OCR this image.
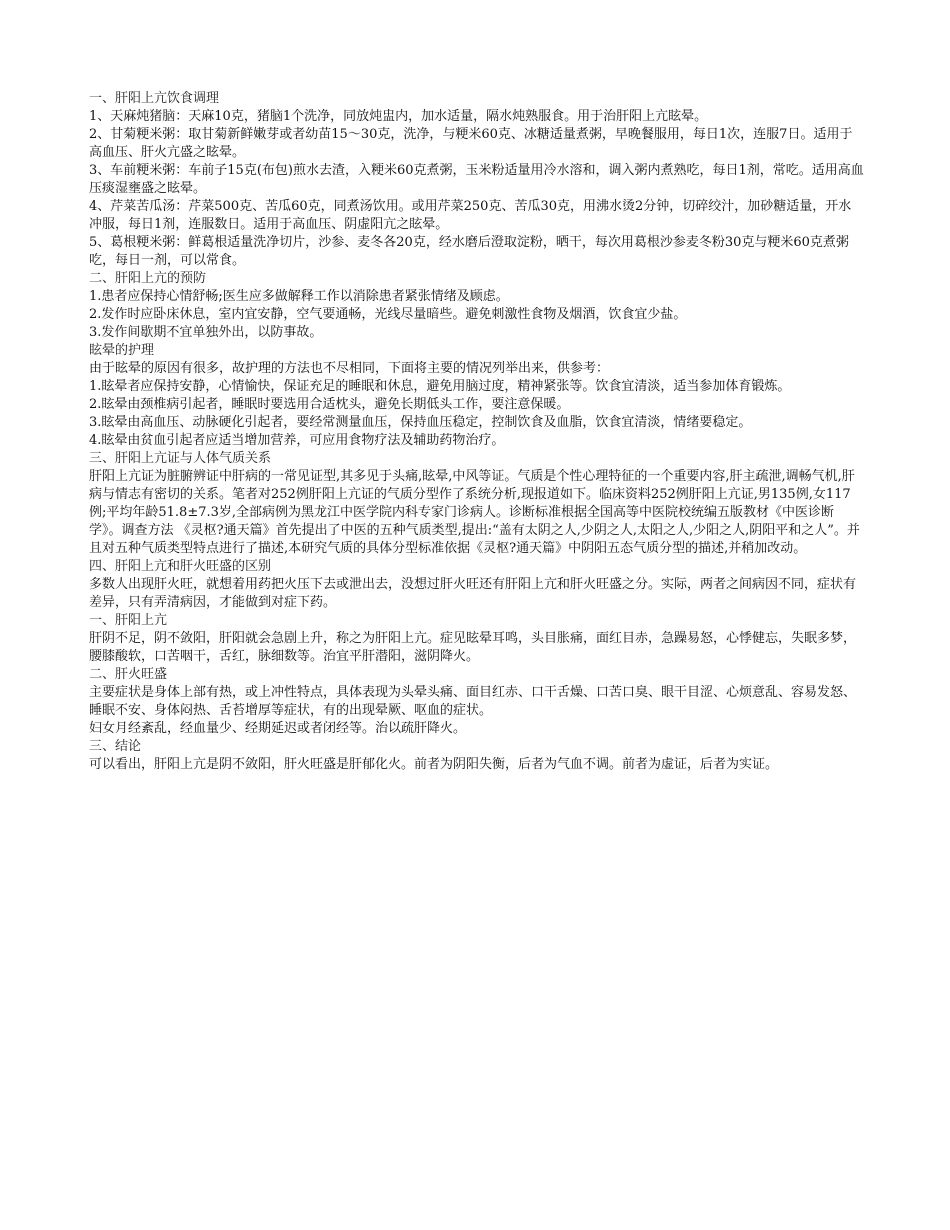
一、肝阳上亢饮食调理

1、天麻炖猪脑：天麻10克，猪脑1个洗净，同放炖盅内，加水适量，隔水炖熟服食。用于治肝阳上亢眩晕。

2、甘菊粳米粥：取甘菊新鲜嫩芽或者幼苗15～30克，洗净，与粳米60克、冰糖适量煮粥，早晚餐服用，每日1次，连服7日。适用于高血压、肝火亢盛之眩晕。

3、车前粳米粥：车前子15克(布包)煎水去渣，入粳米60克煮粥，玉米粉适量用冷水溶和，调入粥内煮熟吃，每日1剂，常吃。适用高血压痰湿壅盛之眩晕。

4、芹菜苦瓜汤：芹菜500克、苦瓜60克，同煮汤饮用。或用芹菜250克、苦瓜30克，用沸水烫2分钟，切碎绞汁，加砂糖适量，开水冲服，每日1剂，连服数日。适用于高血压、阴虚阳亢之眩晕。

5、葛根粳米粥：鲜葛根适量洗净切片，沙参、麦冬各20克，经水磨后澄取淀粉，晒干，每次用葛根沙参麦冬粉30克与粳米60克煮粥吃，每日一剂，可以常食。

二、肝阳上亢的预防

1.患者应保持心情舒畅;医生应多做解释工作以消除患者紧张情绪及顾虑。

2.发作时应卧床休息，室内宜安静，空气要通畅，光线尽量暗些。避免刺激性食物及烟酒，饮食宜少盐。

3.发作间歇期不宜单独外出，以防事故。

眩晕的护理

由于眩晕的原因有很多，故护理的方法也不尽相同，下面将主要的情况列举出来，供参考：

1.眩晕者应保持安静，心情愉快，保证充足的睡眠和休息，避免用脑过度，精神紧张等。饮食宜清淡，适当参加体育锻炼。

2.眩晕由颈椎病引起者，睡眠时要选用合适枕头，避免长期低头工作，要注意保暖。

3.眩晕由高血压、动脉硬化引起者，要经常测量血压，保持血压稳定，控制饮食及血脂，饮食宜清淡，情绪要稳定。

4.眩晕由贫血引起者应适当增加营养，可应用食物疗法及辅助药物治疗。

三、肝阳上亢证与人体气质关系

肝阳上亢证为脏腑辨证中肝病的一常见证型,其多见于头痛,眩晕,中风等证。气质是个性心理特征的一个重要内容,肝主疏泄,调畅气机,肝病与情志有密切的关系。笔者对252例肝阳上亢证的气质分型作了系统分析,现报道如下。临床资料252例肝阳上亢证,男135例,女117例;平均年龄51.8±7.3岁,全部病例为黑龙江中医学院内科专家门诊病人。诊断标准根据全国高等中医院校统编五版教材《中医诊断学》。调查方法 《灵枢?通天篇》首先提出了中医的五种气质类型,提出:“盖有太阴之人,少阴之人,太阳之人,少阳之人,阴阳平和之人”。并且对五种气质类型特点进行了描述,本研究气质的具体分型标准依据《灵枢?通天篇》中阴阳五态气质分型的描述,并稍加改动。

四、肝阳上亢和肝火旺盛的区别

多数人出现肝火旺，就想着用药把火压下去或泄出去，没想过肝火旺还有肝阳上亢和肝火旺盛之分。实际，两者之间病因不同，症状有差异，只有弄清病因，才能做到对症下药。

一、肝阳上亢

肝阴不足，阴不敛阳，肝阳就会急剧上升，称之为肝阳上亢。症见眩晕耳鸣，头目胀痛，面红目赤，急躁易怒，心悸健忘，失眠多梦，腰膝酸软，口苦咽干，舌红，脉细数等。治宜平肝潜阳，滋阴降火。

二、肝火旺盛

主要症状是身体上部有热，或上冲性特点，具体表现为头晕头痛、面目红赤、口干舌燥、口苦口臭、眼干目涩、心烦意乱、容易发怒、睡眠不安、身体闷热、舌苔增厚等症状，有的出现晕厥、呕血的症状。

妇女月经紊乱，经血量少、经期延迟或者闭经等。治以疏肝降火。

三、结论

可以看出，肝阳上亢是阴不敛阳，肝火旺盛是肝郁化火。前者为阴阳失衡，后者为气血不调。前者为虚证，后者为实证。
